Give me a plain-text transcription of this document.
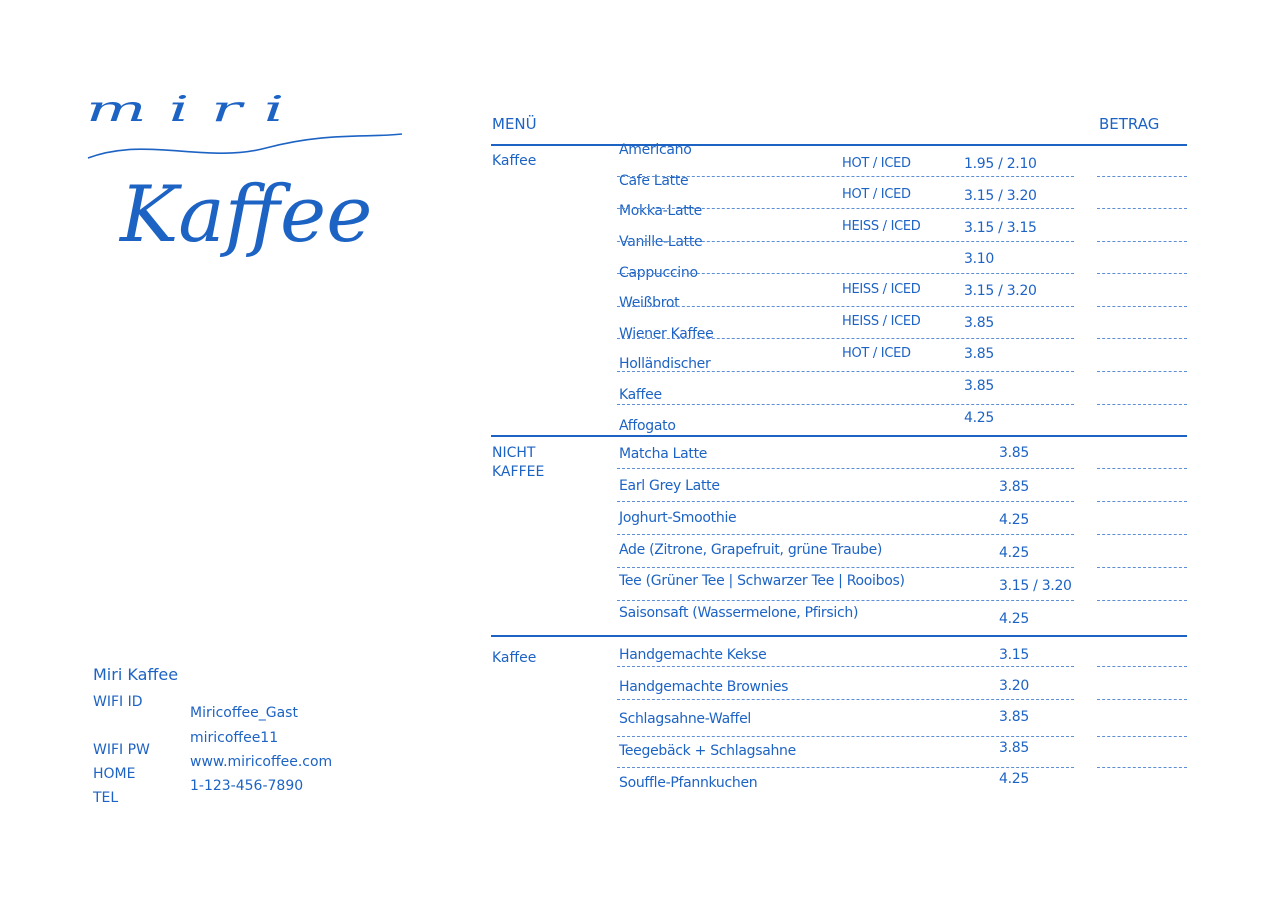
miri
Kaffee
MENÜ	BETRAG
Kaffee
Americano
Cafe Latte
Mokka-Latte
Vanille-Latte
Cappuccino
Weißbrot
Wiener Kaffee
Holländischer
Kaffee
Affogato
HOT / ICED
HOT / ICED
HEISS / ICED
HEISS / ICED
HEISS / ICED
HOT / ICED
1.95 / 2.10
3.15 / 3.20
3.15 / 3.15
3.10
3.15 / 3.20
3.85
3.85
3.85
4.25
NICHT
KAFFEE
Matcha Latte
Earl Grey Latte
Joghurt-Smoothie
Ade (Zitrone, Grapefruit, grüne Traube)
Tee (Grüner Tee | Schwarzer Tee | Rooibos)
Saisonsaft (Wassermelone, Pfirsich)
3.85
3.85
4.25
4.25
3.15 / 3.20
4.25
Kaffee	Handgemachte Kekse
Handgemachte Brownies
Schlagsahne-Waffel
Teegebäck + Schlagsahne
Souffle-Pfannkuchen
3.15
3.20
3.85
3.85
4.25
Miri Kaffee
WIFI ID
WIFI PW
HOME
TEL
Miricoffee_Gast
miricoffee11
www.miricoffee.com
1-123-456-7890
